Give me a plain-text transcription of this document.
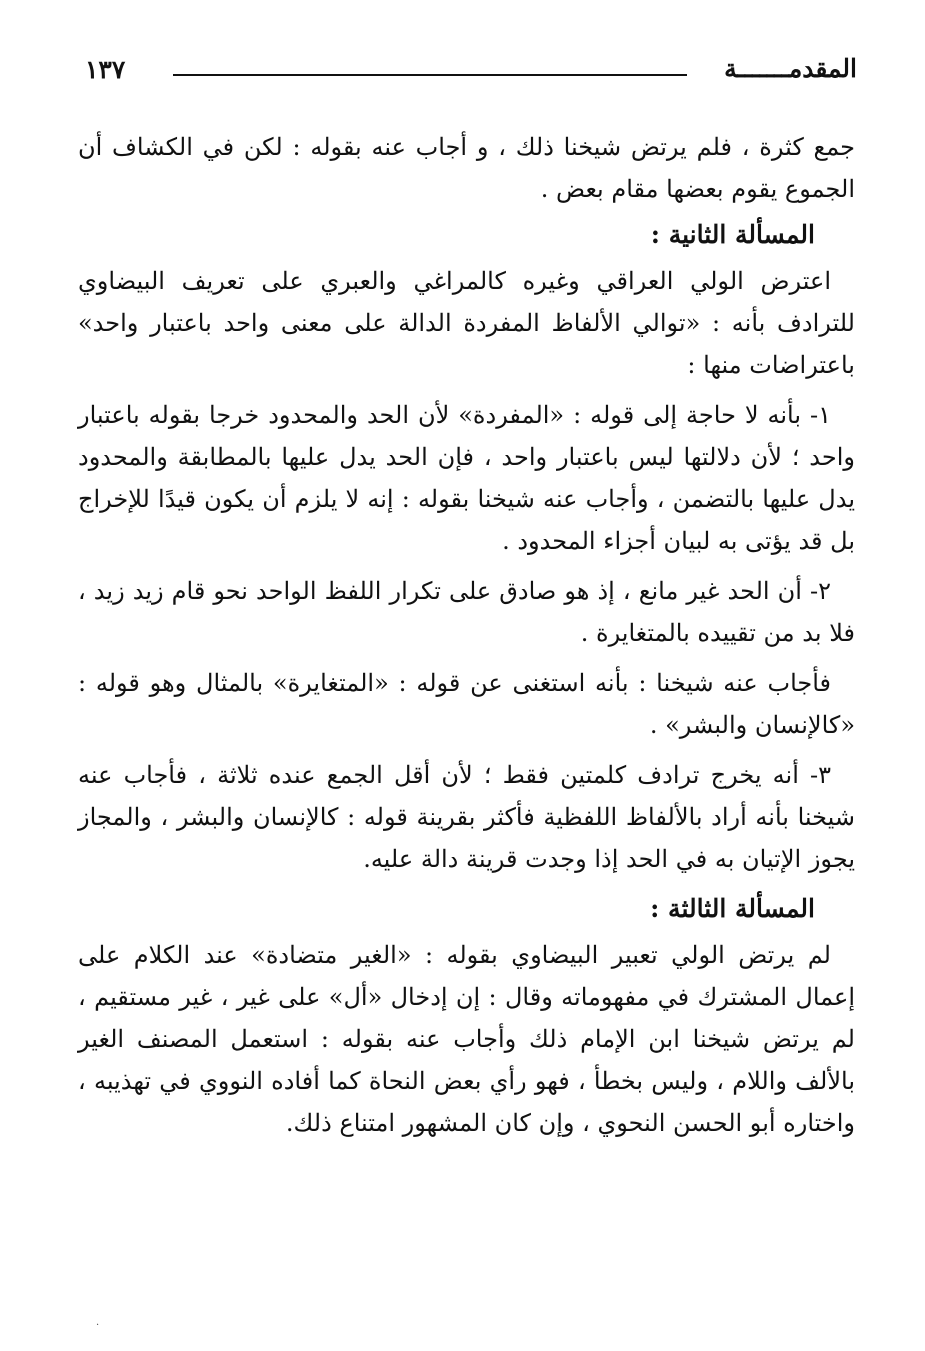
المقدمـــــــة
١٣٧

جمع كثرة ، فلم يرتض شيخنا ذلك ، و أجاب عنه بقوله : لكن في الكشاف أن الجموع يقوم بعضها مقام بعض .

المسألة الثانية :

اعترض الولي العراقي وغيره كالمراغي والعبري على تعريف البيضاوي للترادف بأنه : «توالي الألفاظ المفردة الدالة على معنى واحد باعتبار واحد» باعتراضات منها :

١- بأنه لا حاجة إلى قوله : «المفردة» لأن الحد والمحدود خرجا بقوله باعتبار واحد ؛ لأن دلالتها ليس باعتبار واحد ، فإن الحد يدل عليها بالمطابقة والمحدود يدل عليها بالتضمن ، وأجاب عنه شيخنا بقوله : إنه لا يلزم أن يكون قيدًا للإخراج بل قد يؤتى به لبيان أجزاء المحدود .

٢- أن الحد غير مانع ، إذ هو صادق على تكرار اللفظ الواحد نحو قام زيد زيد ، فلا بد من تقييده بالمتغايرة .

فأجاب عنه شيخنا : بأنه استغنى عن قوله : «المتغايرة» بالمثال وهو قوله : «كالإنسان والبشر» .

٣- أنه يخرج ترادف كلمتين فقط ؛ لأن أقل الجمع عنده ثلاثة ، فأجاب عنه شيخنا بأنه أراد بالألفاظ اللفظية فأكثر بقرينة قوله : كالإنسان والبشر ، والمجاز يجوز الإتيان به في الحد إذا وجدت قرينة دالة عليه.

المسألة الثالثة :

لم يرتض الولي تعبير البيضاوي بقوله : «الغير متضادة» عند الكلام على إعمال المشترك في مفهوماته وقال : إن إدخال «أل» على غير ، غير مستقيم ، لم يرتض شيخنا ابن الإمام ذلك وأجاب عنه بقوله : استعمل المصنف الغير بالألف واللام ، وليس بخطأ ، فهو رأي بعض النحاة كما أفاده النووي في تهذيبه ، واختاره أبو الحسن النحوي ، وإن كان المشهور امتناع ذلك.

·
